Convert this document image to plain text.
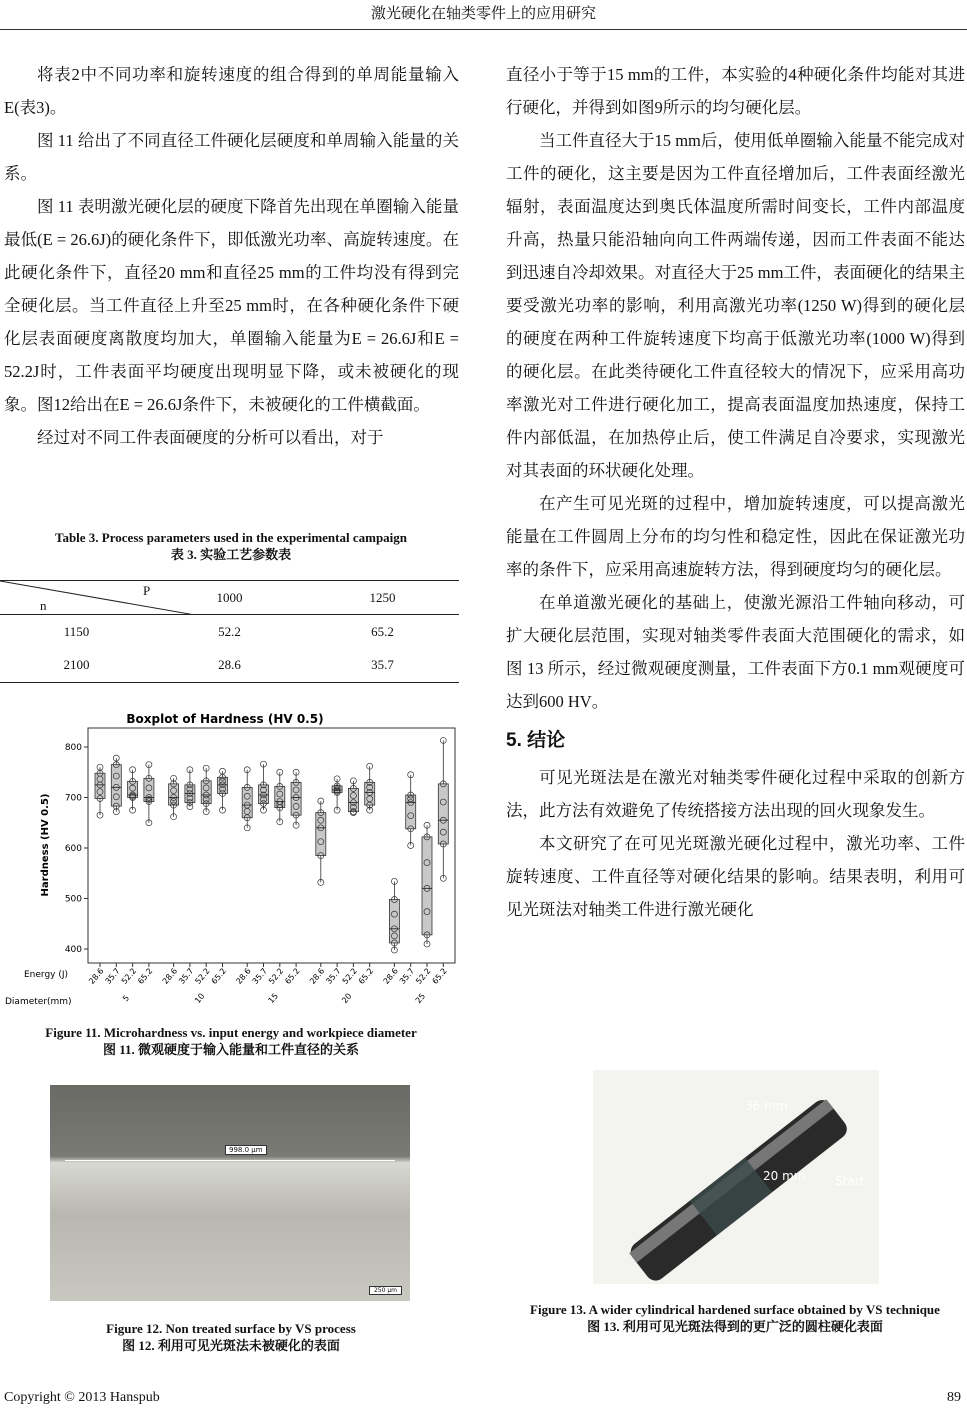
激光硬化在轴类零件上的应用研究

将表2中不同功率和旋转速度的组合得到的单周能量输入E(表3)。

图 11 给出了不同直径工件硬化层硬度和单周输入能量的关系。

图 11 表明激光硬化层的硬度下降首先出现在单圈输入能量最低(E = 26.6J)的硬化条件下，即低激光功率、高旋转速度。在此硬化条件下，直径20 mm和直径25 mm的工件均没有得到完全硬化层。当工件直径上升至25 mm时，在各种硬化条件下硬化层表面硬度离散度均加大，单圈输入能量为E = 26.6J和E = 52.2J时，工件表面平均硬度出现明显下降，或未被硬化的现象。图12给出在E = 26.6J条件下，未被硬化的工件横截面。

经过对不同工件表面硬度的分析可以看出，对于

Table 3. Process parameters used in the experimental campaign
表 3. 实验工艺参数表
P
n	1000	1250
1150	52.2	65.2
2100	28.6	35.7
Boxplot of Hardness (HV 0.5)
Hardness (HV 0.5)
Energy (J)
Diameter(mm)
400
500
600
700
800
28.6
35.7
52.2
65.2
5
28.6
35.7
52.2
65.2
10
28.6
35.7
52.2
65.2
15
28.6
35.7
52.2
65.2
20
28.6
35.7
52.2
65.2
25
Figure 11. Microhardness vs. input energy and workpiece diameter
图 11. 微观硬度于输入能量和工件直径的关系
998.0 µm
250 µm
Figure 12. Non treated surface by VS process
图 12. 利用可见光斑法未被硬化的表面

直径小于等于15 mm的工件，本实验的4种硬化条件均能对其进行硬化，并得到如图9所示的均匀硬化层。

当工件直径大于15 mm后，使用低单圈输入能量不能完成对工件的硬化，这主要是因为工件直径增加后，工件表面经激光辐射，表面温度达到奥氏体温度所需时间变长，工件内部温度升高，热量只能沿轴向向工件两端传递，因而工件表面不能达到迅速自冷却效果。对直径大于25 mm工件，表面硬化的结果主要受激光功率的影响，利用高激光功率(1250 W)得到的硬化层的硬度在两种工件旋转速度下均高于低激光功率(1000 W)得到的硬化层。在此类待硬化工件直径较大的情况下，应采用高功率激光对工件进行硬化加工，提高表面温度加热速度，保持工件内部低温，在加热停止后，使工件满足自冷要求，实现激光对其表面的环状硬化处理。

在产生可见光斑的过程中，增加旋转速度，可以提高激光能量在工件圆周上分布的均匀性和稳定性，因此在保证激光功率的条件下，应采用高速旋转方法，得到硬度均匀的硬化层。

在单道激光硬化的基础上，使激光源沿工件轴向移动，可扩大硬化层范围，实现对轴类零件表面大范围硬化的需求，如图 13 所示，经过微观硬度测量，工件表面下方0.1 mm观硬度可达到600 HV。

5. 结论

可见光斑法是在激光对轴类零件硬化过程中采取的创新方法，此方法有效避免了传统搭接方法出现的回火现象发生。

本文研究了在可见光斑激光硬化过程中，激光功率、工件旋转速度、工件直径等对硬化结果的影响。结果表明，利用可见光斑法对轴类工件进行激光硬化

36 mm
20 mm Start
Figure 13. A wider cylindrical hardened surface obtained by VS technique
图 13. 利用可见光斑法得到的更广泛的圆柱硬化表面
Copyright © 2013 Hanspub	89
